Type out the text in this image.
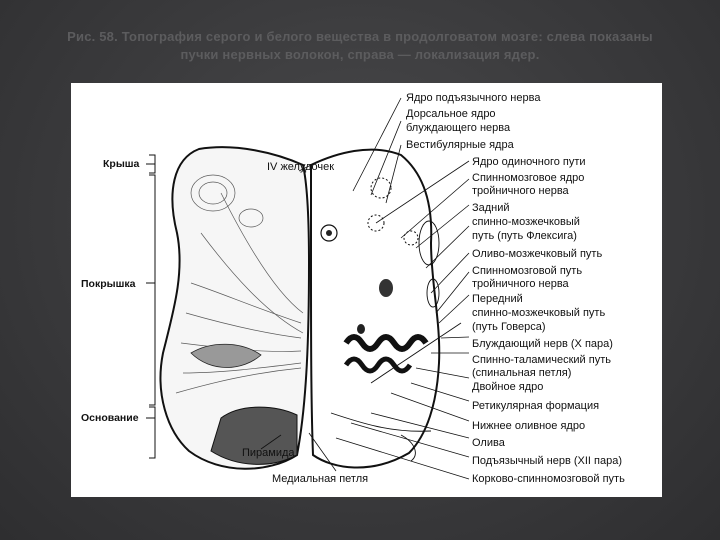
Рис. 58. Топография серого и белого вещества в продолговатом мозге: слева показаны
пучки нервных волокон, справа — локализация ядер.
Крыша
Покрышка
Основание
IV желудочек
Пирамида
Медиальная петля
Ядро подъязычного нерва
Дорсальное ядро
блуждающего нерва
Вестибулярные ядра
Ядро одиночного пути
Спинномозговое ядро
тройничного нерва
Задний
спинно-мозжечковый
путь (путь Флексига)
Оливо-мозжечковый путь
Спинномозговой путь
тройничного нерва
Передний
спинно-мозжечковый путь
(путь Говерса)
Блуждающий нерв (X пара)
Спинно-таламический путь
(спинальная петля)
Двойное ядро
Ретикулярная формация
Нижнее оливное ядро
Олива
Подъязычный нерв (XII пара)
Корково-спинномозговой путь
